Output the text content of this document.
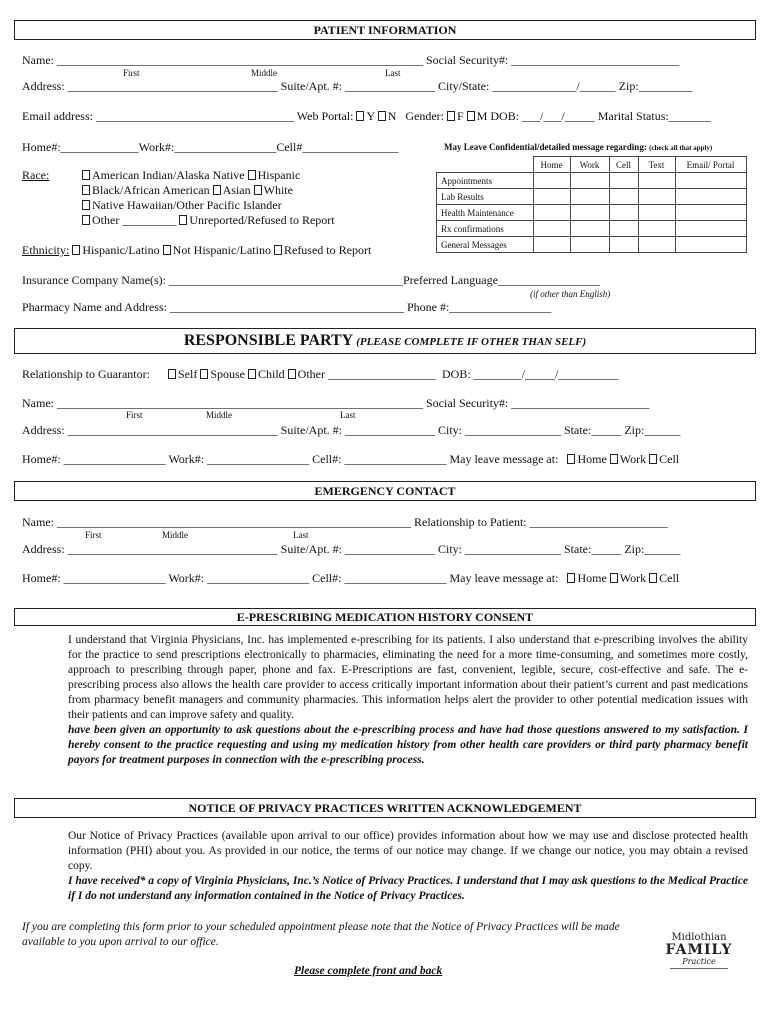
PATIENT INFORMATION
Name: _____________________________________________________________ Social Security#: ____________________________
First	Middle	Last
Address: ___________________________________ Suite/Apt. #: _______________ City/State: ______________/______ Zip:_________
Email address: _________________________________ Web Portal: Y N Gender: F M DOB: ___/___/_____ Marital Status:_______
Home#:_____________Work#:_________________Cell#________________	May Leave Confidential/detailed message regarding: (check all that apply)
	Home	Work	Cell	Text	Email/ Portal
Appointments					
Lab Results					
Health Maintenance					
Rx confirmations					
General Messages					
Race:	American Indian/Alaska Native Hispanic
Black/African American Asian White
Native Hawaiian/Other Pacific Islander
Other _________ Unreported/Refused to Report
Ethnicity: Hispanic/Latino Not Hispanic/Latino Refused to Report
Insurance Company Name(s): _______________________________________Preferred Language_________________
(if other than English)
Pharmacy Name and Address: _______________________________________ Phone #:_________________
RESPONSIBLE PARTY (PLEASE COMPLETE IF OTHER THAN SELF)
Relationship to Guarantor: Self Spouse Child Other __________________ DOB: ________/_____/__________
Name: _____________________________________________________________ Social Security#: _______________________
First	Middle	Last
Address: ___________________________________ Suite/Apt. #: _______________ City: ________________ State:_____ Zip:______
Home#: _________________ Work#: _________________ Cell#: _________________ May leave message at: Home Work Cell
EMERGENCY CONTACT
Name: ___________________________________________________________ Relationship to Patient: _______________________
First	Middle	Last
Address: ___________________________________ Suite/Apt. #: _______________ City: ________________ State:_____ Zip:______
Home#: _________________ Work#: _________________ Cell#: _________________ May leave message at: Home Work Cell
E-PRESCRIBING MEDICATION HISTORY CONSENT
I understand that Virginia Physicians, Inc. has implemented e-prescribing for its patients. I also understand that e-prescribing involves the ability for the practice to send prescriptions electronically to pharmacies, eliminating the need for a more time-consuming, and sometimes more costly, approach to prescribing through paper, phone and fax. E-Prescriptions are fast, convenient, legible, secure, cost-effective and safe. The e-prescribing process also allows the health care provider to access critically important information about their patient’s current and past medications from pharmacy benefit managers and community pharmacies. This information helps alert the provider to other potential medication issues with their patients and can improve safety and quality.
have been given an opportunity to ask questions about the e-prescribing process and have had those questions answered to my satisfaction. I hereby consent to the practice requesting and using my medication history from other health care providers or third party pharmacy benefit payors for treatment purposes in connection with the e-prescribing process.
NOTICE OF PRIVACY PRACTICES WRITTEN ACKNOWLEDGEMENT
Our Notice of Privacy Practices (available upon arrival to our office) provides information about how we may use and disclose protected health information (PHI) about you. As provided in our notice, the terms of our notice may change. If we change our notice, you may obtain a revised copy.
I have received* a copy of Virginia Physicians, Inc.’s Notice of Privacy Practices. I understand that I may ask questions to the Medical Practice if I do not understand any information contained in the Notice of Privacy Practices.
If you are completing this form prior to your scheduled appointment please note that the Notice of Privacy Practices will be made available to you upon arrival to our office.
Please complete front and back
Midlothian
FAMILY
Practice
